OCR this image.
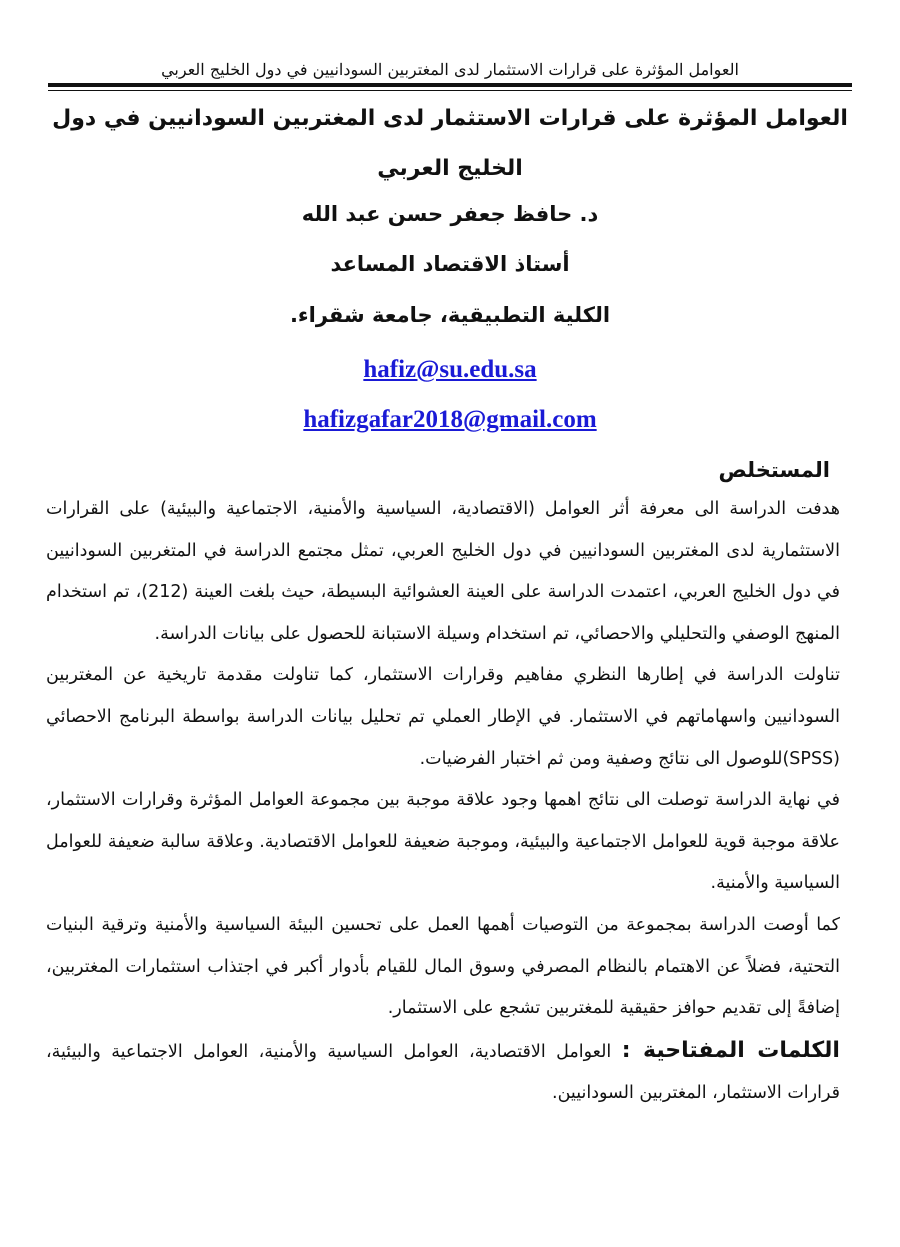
العوامل المؤثرة على قرارات الاستثمار لدى المغتربين السودانيين في دول الخليج العربي
العوامل المؤثرة على قرارات الاستثمار لدى المغتربين السودانيين في دول الخليج العربي
د. حافظ جعفر حسن عبد الله
أستاذ الاقتصاد المساعد
الكلية التطبيقية، جامعة شقراء.
hafiz@su.edu.sa
hafizgafar2018@gmail.com
المستخلص

هدفت الدراسة الى معرفة أثر العوامل (الاقتصادية، السياسية والأمنية، الاجتماعية والبيئية) على القرارات الاستثمارية لدى المغتربين السودانيين في دول الخليج العربي، تمثل مجتمع الدراسة في المتغربين السودانيين في دول الخليج العربي، اعتمدت الدراسة على العينة العشوائية البسيطة، حيث بلغت العينة (212)، تم استخدام المنهج الوصفي والتحليلي والاحصائي، تم استخدام وسيلة الاستبانة للحصول على بيانات الدراسة.

تناولت الدراسة في إطارها النظري مفاهيم وقرارات الاستثمار، كما تناولت مقدمة تاريخية عن المغتربين السودانيين واسهاماتهم في الاستثمار. في الإطار العملي تم تحليل بيانات الدراسة بواسطة البرنامج الاحصائي (SPSS)للوصول الى نتائج وصفية ومن ثم اختبار الفرضيات.

في نهاية الدراسة توصلت الى نتائج اهمها وجود علاقة موجبة بين مجموعة العوامل المؤثرة وقرارات الاستثمار، علاقة موجبة قوية للعوامل الاجتماعية والبيئية، وموجبة ضعيفة للعوامل الاقتصادية. وعلاقة سالبة ضعيفة للعوامل السياسية والأمنية.

كما أوصت الدراسة بمجموعة من التوصيات أهمها العمل على تحسين البيئة السياسية والأمنية وترقية البنيات التحتية، فضلاً عن الاهتمام بالنظام المصرفي وسوق المال للقيام بأدوار أكبر في اجتذاب استثمارات المغتربين، إضافةً إلى تقديم حوافز حقيقية للمغتربين تشجع على الاستثمار.

الكلمات المفتاحية : العوامل الاقتصادية، العوامل السياسية والأمنية، العوامل الاجتماعية والبيئية، قرارات الاستثمار، المغتربين السودانيين.
